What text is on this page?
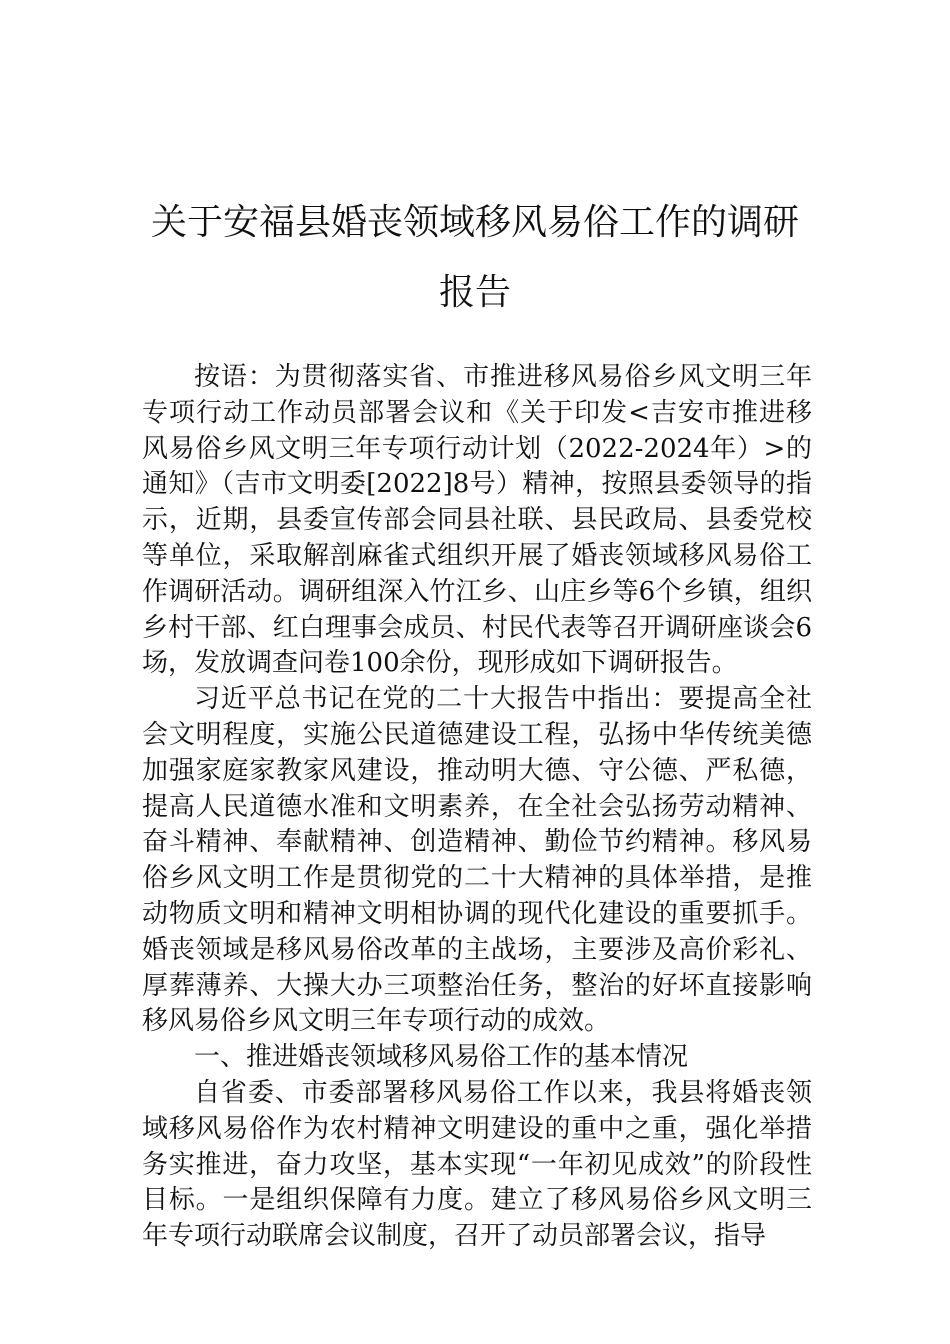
关于安福县婚丧领域移风易俗工作的调研
报告

按语：为贯彻落实省、市推进移风易俗乡风文明三年专项行动工作动员部署会议和《关于印发<吉安市推进移风易俗乡风文明三年专项行动计划（2022-2024年）>的通知》（吉市文明委[2022]8号）精神，按照县委领导的指示，近期，县委宣传部会同县社联、县民政局、县委党校等单位，采取解剖麻雀式组织开展了婚丧领域移风易俗工作调研活动。调研组深入竹江乡、山庄乡等6个乡镇，组织乡村干部、红白理事会成员、村民代表等召开调研座谈会6场，发放调查问卷100余份，现形成如下调研报告。

习近平总书记在党的二十大报告中指出：要提高全社会文明程度，实施公民道德建设工程，弘扬中华传统美德加强家庭家教家风建设，推动明大德、守公德、严私德，提高人民道德水准和文明素养，在全社会弘扬劳动精神、奋斗精神、奉献精神、创造精神、勤俭节约精神。移风易俗乡风文明工作是贯彻党的二十大精神的具体举措，是推动物质文明和精神文明相协调的现代化建设的重要抓手。婚丧领域是移风易俗改革的主战场，主要涉及高价彩礼、厚葬薄养、大操大办三项整治任务，整治的好坏直接影响移风易俗乡风文明三年专项行动的成效。

一、推进婚丧领域移风易俗工作的基本情况

自省委、市委部署移风易俗工作以来，我县将婚丧领域移风易俗作为农村精神文明建设的重中之重，强化举措务实推进，奋力攻坚，基本实现“一年初见成效”的阶段性目标。一是组织保障有力度。建立了移风易俗乡风文明三年专项行动联席会议制度，召开了动员部署会议，指导
